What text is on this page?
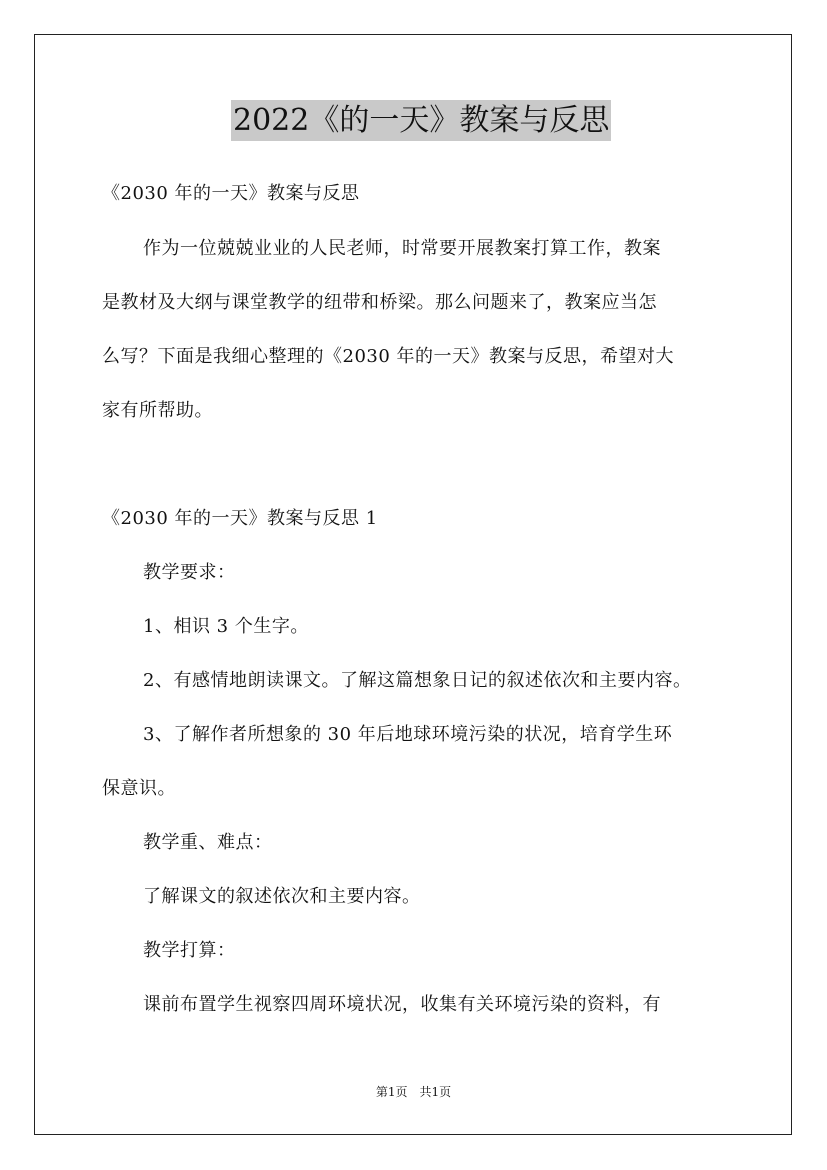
2022《的一天》教案与反思
《2030 年的一天》教案与反思
作为一位兢兢业业的人民老师，时常要开展教案打算工作，教案
是教材及大纲与课堂教学的纽带和桥梁。那么问题来了，教案应当怎
么写？下面是我细心整理的《2030 年的一天》教案与反思，希望对大
家有所帮助。
《2030 年的一天》教案与反思 1
教学要求：
1、相识 3 个生字。
2、有感情地朗读课文。了解这篇想象日记的叙述依次和主要内容。
3、了解作者所想象的 30 年后地球环境污染的状况，培育学生环
保意识。
教学重、难点：
了解课文的叙述依次和主要内容。
教学打算：
课前布置学生视察四周环境状况，收集有关环境污染的资料，有
第1页　共1页
